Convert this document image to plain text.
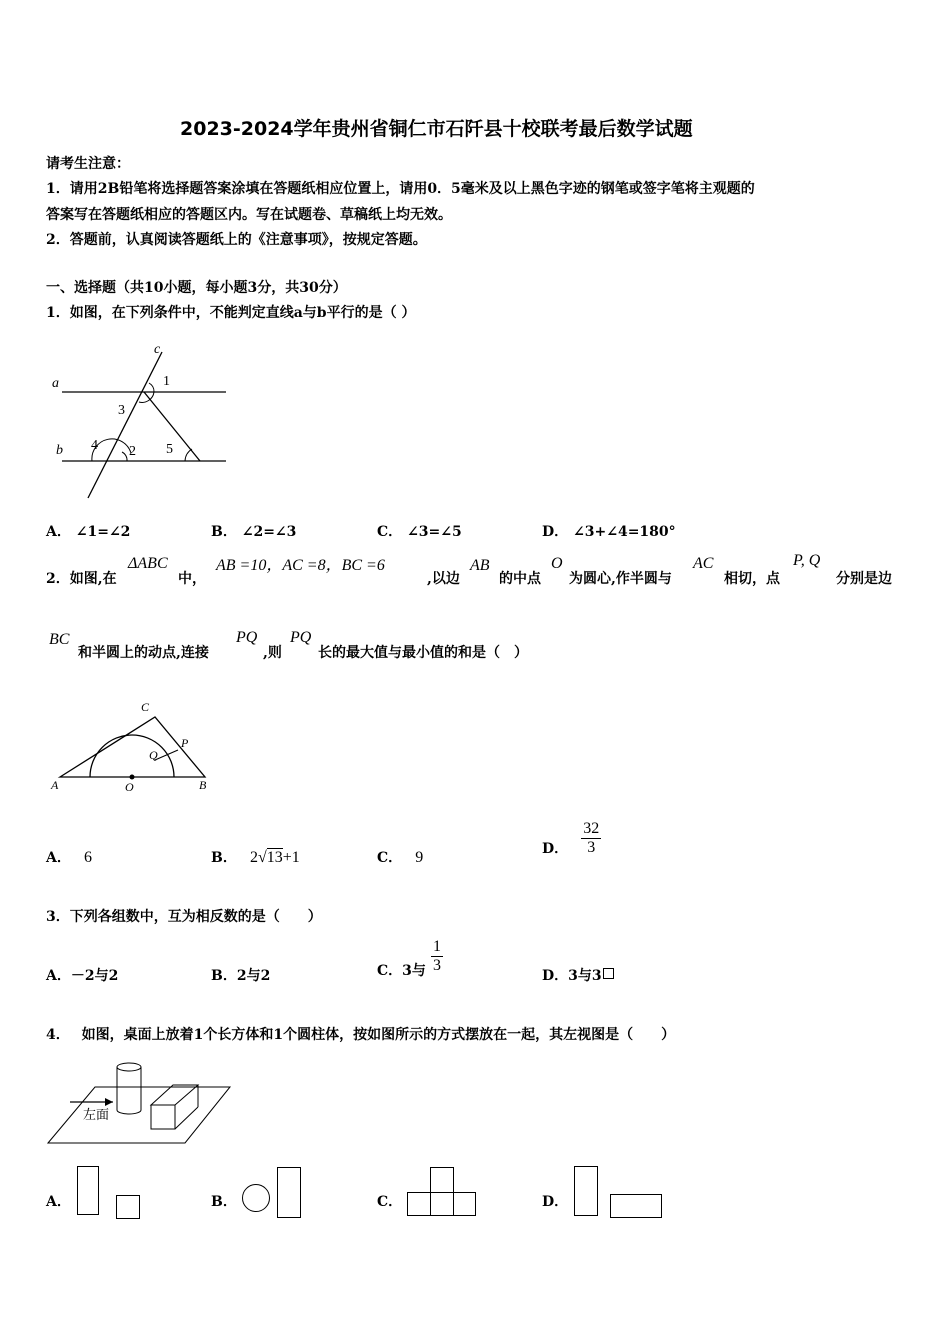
2023-2024学年贵州省铜仁市石阡县十校联考最后数学试题
请考生注意：
1．请用2B铅笔将选择题答案涂填在答题纸相应位置上，请用0．5毫米及以上黑色字迹的钢笔或签字笔将主观题的
答案写在答题纸相应的答题区内。写在试题卷、草稿纸上均无效。
2．答题前，认真阅读答题纸上的《注意事项》，按规定答题。
一、选择题（共10小题，每小题3分，共30分）
1．如图，在下列条件中，不能判定直线a与b平行的是（ ）
c
a
b
1
3
4 2 5
A． ∠1=∠2	B． ∠2=∠3	C． ∠3=∠5	D． ∠3+∠4=180°
2．如图,在
ΔABC
中，
AB =10，AC =8，BC =6
,以边
AB
的中点
O
为圆心,作半圆与
AC
相切，点
P, Q
分别是边
BC
和半圆上的动点,连接
PQ
,则
PQ
长的最大值与最小值的和是（　）
C
P
Q
A	O	B
A． 6	B． 2√13+1	C． 9	D． $\frac{32}{3}$
3．下列各组数中，互为相反数的是（　　）
A．－2与2	B．2与2	C．3与 $\frac{1}{3}$
D．3与3
4．　 如图，桌面上放着1个长方体和1个圆柱体，按如图所示的方式摆放在一起，其左视图是（　　）
左面
A．	B．	C．	D．
